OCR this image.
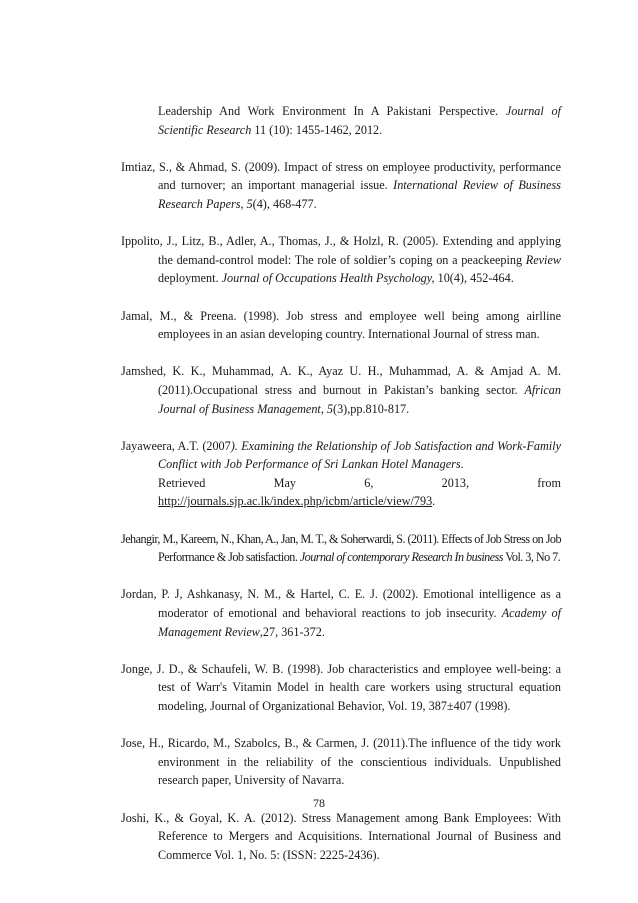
Leadership And Work Environment In A Pakistani Perspective. Journal of Scientific Research 11 (10): 1455-1462, 2012.

Imtiaz, S., & Ahmad, S. (2009). Impact of stress on employee productivity, performance and turnover; an important managerial issue. International Review of Business Research Papers, 5(4), 468-477.

Ippolito, J., Litz, B., Adler, A., Thomas, J., & Holzl, R. (2005). Extending and applying the demand-control model: The role of soldier’s coping on a peackeeping Review deployment. Journal of Occupations Health Psychology, 10(4), 452-464.

Jamal, M., & Preena. (1998). Job stress and employee well being among airlline employees in an asian developing country. International Journal of stress man.

Jamshed, K. K., Muhammad, A. K., Ayaz U. H., Muhammad, A. & Amjad A. M. (2011).Occupational stress and burnout in Pakistan’s banking sector. African Journal of Business Management, 5(3),pp.810-817.

Jayaweera, A.T. (2007). Examining the Relationship of Job Satisfaction and Work-Family Conflict with Job Performance of Sri Lankan Hotel Managers.
Retrieved	May	6,	2013,	from
http://journals.sjp.ac.lk/index.php/icbm/article/view/793.

Jehangir, M., Kareem, N., Khan, A., Jan, M. T., & Soherwardi, S. (2011). Effects of Job Stress on Job Performance & Job satisfaction. Journal of contemporary Research In business Vol. 3, No 7.

Jordan, P. J, Ashkanasy, N. M., & Hartel, C. E. J. (2002). Emotional intelligence as a moderator of emotional and behavioral reactions to job insecurity. Academy of Management Review,27, 361-372.

Jonge, J. D., & Schaufeli, W. B. (1998). Job characteristics and employee well-being: a test of Warr's Vitamin Model in health care workers using structural equation modeling, Journal of Organizational Behavior, Vol. 19, 387±407 (1998).

Jose, H., Ricardo, M., Szabolcs, B., & Carmen, J. (2011).The influence of the tidy work environment in the reliability of the conscientious individuals. Unpublished research paper, University of Navarra.

Joshi, K., & Goyal, K. A. (2012). Stress Management among Bank Employees: With Reference to Mergers and Acquisitions. International Journal of Business and Commerce Vol. 1, No. 5: (ISSN: 2225-2436).

78
